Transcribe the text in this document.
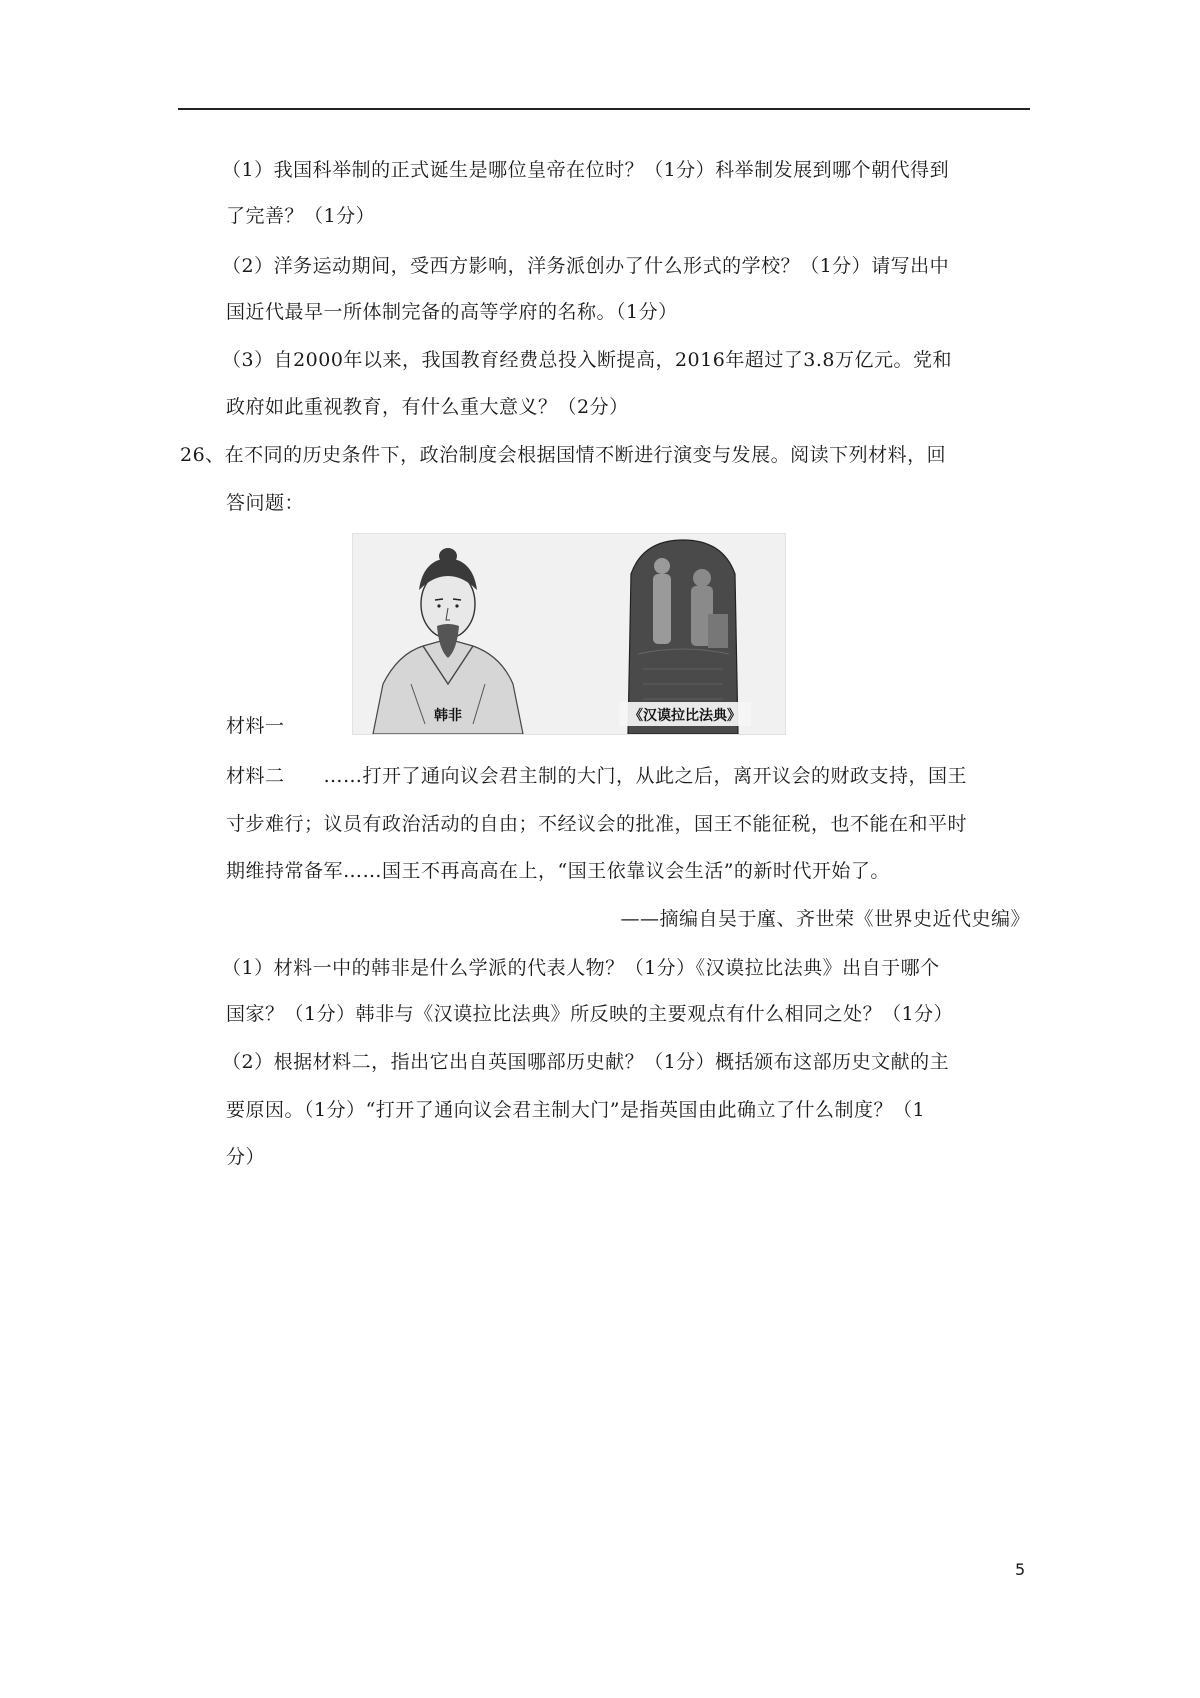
（1）我国科举制的正式诞生是哪位皇帝在位时？（1分）科举制发展到哪个朝代得到
了完善？（1分）
（2）洋务运动期间，受西方影响，洋务派创办了什么形式的学校？（1分）请写出中
国近代最早一所体制完备的高等学府的名称。（1分）
（3）自2000年以来，我国教育经费总投入断提高，2016年超过了3.8万亿元。党和
政府如此重视教育，有什么重大意义？（2分）
26、在不同的历史条件下，政治制度会根据国情不断进行演变与发展。阅读下列材料，回
答问题：
韩非	《汉谟拉比法典》
材料一
材料二　　……打开了通向议会君主制的大门，从此之后，离开议会的财政支持，国王
寸步难行；议员有政治活动的自由；不经议会的批准，国王不能征税，也不能在和平时
期维持常备军……国王不再高高在上，“国王依靠议会生活”的新时代开始了。
——摘编自吴于廑、齐世荣《世界史近代史编》
（1）材料一中的韩非是什么学派的代表人物？（1分）《汉谟拉比法典》出自于哪个
国家？（1分）韩非与《汉谟拉比法典》所反映的主要观点有什么相同之处？（1分）
（2）根据材料二，指出它出自英国哪部历史献？（1分）概括颁布这部历史文献的主
要原因。（1分）“打开了通向议会君主制大门”是指英国由此确立了什么制度？（1
分）
5
